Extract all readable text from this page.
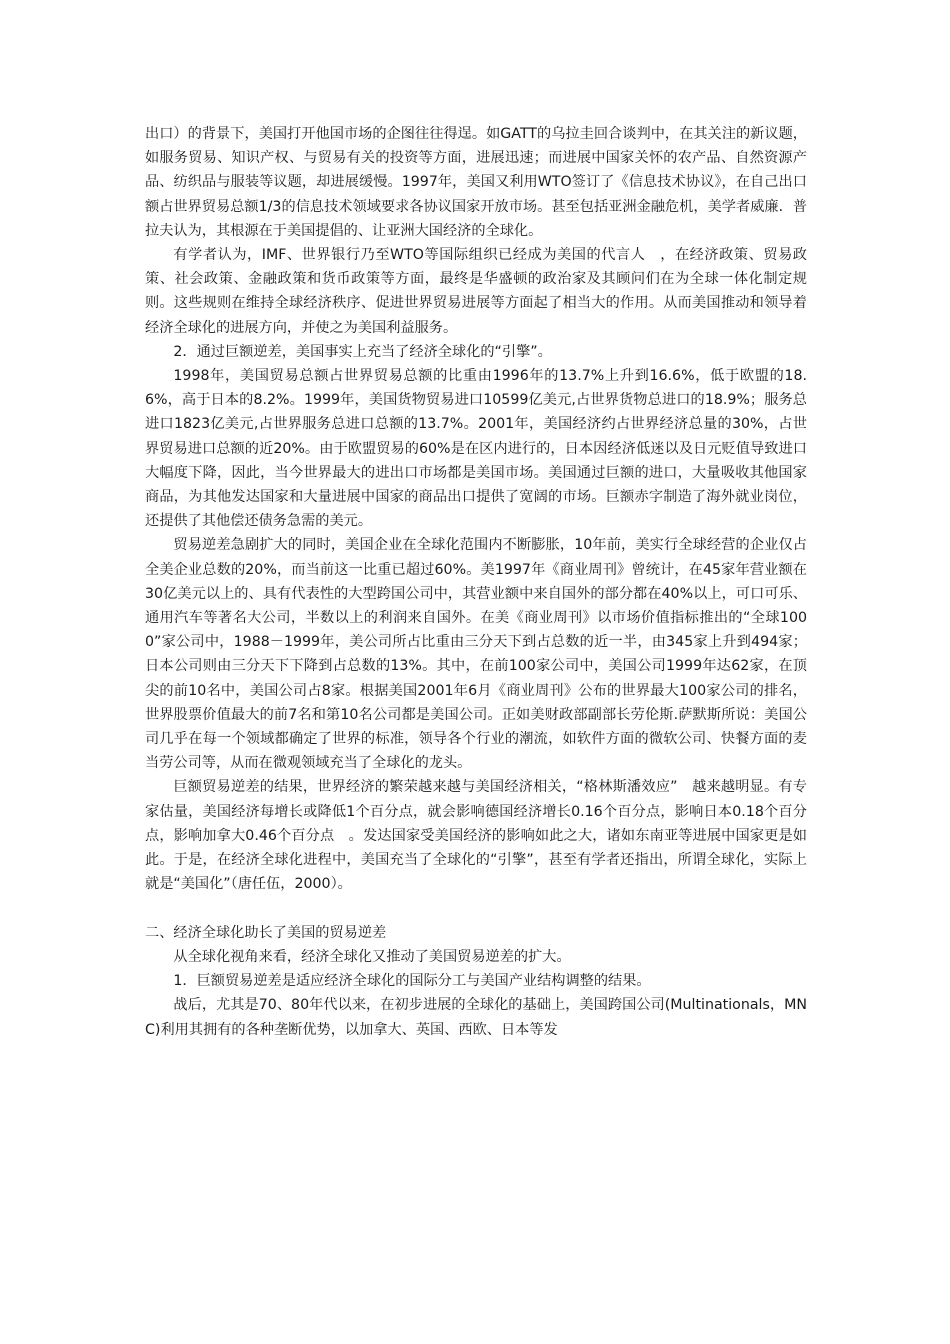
出口）的背景下，美国打开他国市场的企图往往得逞。如GATT的乌拉圭回合谈判中，在其关注的新议题，如服务贸易、知识产权、与贸易有关的投资等方面，进展迅速；而进展中国家关怀的农产品、自然资源产品、纺织品与服装等议题，却进展缓慢。1997年，美国又利用WTO签订了《信息技术协议》，在自己出口额占世界贸易总额1/3的信息技术领域要求各协议国家开放市场。甚至包括亚洲金融危机，美学者威廉．普拉夫认为，其根源在于美国提倡的、让亚洲大国经济的全球化。

有学者认为，IMF、世界银行乃至WTO等国际组织已经成为美国的代言人　，在经济政策、贸易政策、社会政策、金融政策和货币政策等方面，最终是华盛顿的政治家及其顾问们在为全球一体化制定规则。这些规则在维持全球经济秩序、促进世界贸易进展等方面起了相当大的作用。从而美国推动和领导着经济全球化的进展方向，并使之为美国利益服务。

2．通过巨额逆差，美国事实上充当了经济全球化的“引擎”。

1998年，美国贸易总额占世界贸易总额的比重由1996年的13.7%上升到16.6%，低于欧盟的18.6%，高于日本的8.2%。1999年，美国货物贸易进口10599亿美元,占世界货物总进口的18.9%；服务总进口1823亿美元,占世界服务总进口总额的13.7%。2001年，美国经济约占世界经济总量的30%，占世界贸易进口总额的近20%。由于欧盟贸易的60%是在区内进行的，日本因经济低迷以及日元贬值导致进口大幅度下降，因此，当今世界最大的进出口市场都是美国市场。美国通过巨额的进口，大量吸收其他国家商品，为其他发达国家和大量进展中国家的商品出口提供了宽阔的市场。巨额赤字制造了海外就业岗位，还提供了其他偿还债务急需的美元。

贸易逆差急剧扩大的同时，美国企业在全球化范围内不断膨胀，10年前，美实行全球经营的企业仅占全美企业总数的20%，而当前这一比重已超过60%。美1997年《商业周刊》曾统计，在45家年营业额在30亿美元以上的、具有代表性的大型跨国公司中，其营业额中来自国外的部分都在40%以上，可口可乐、通用汽车等著名大公司，半数以上的利润来自国外。在美《商业周刊》以市场价值指标推出的“全球1000”家公司中，1988－1999年，美公司所占比重由三分天下到占总数的近一半，由345家上升到494家；日本公司则由三分天下下降到占总数的13%。其中，在前100家公司中，美国公司1999年达62家，在顶尖的前10名中，美国公司占8家。根据美国2001年6月《商业周刊》公布的世界最大100家公司的排名，世界股票价值最大的前7名和第10名公司都是美国公司。正如美财政部副部长劳伦斯.萨默斯所说：美国公司几乎在每一个领域都确定了世界的标准，领导各个行业的潮流，如软件方面的微软公司、快餐方面的麦当劳公司等，从而在微观领域充当了全球化的龙头。

巨额贸易逆差的结果，世界经济的繁荣越来越与美国经济相关，“格林斯潘效应”　越来越明显。有专家估量，美国经济每增长或降低1个百分点，就会影响德国经济增长0.16个百分点，影响日本0.18个百分点，影响加拿大0.46个百分点　。发达国家受美国经济的影响如此之大，诸如东南亚等进展中国家更是如此。于是，在经济全球化进程中，美国充当了全球化的“引擎”，甚至有学者还指出，所谓全球化，实际上就是“美国化”（唐任伍，2000）。

二、经济全球化助长了美国的贸易逆差

从全球化视角来看，经济全球化又推动了美国贸易逆差的扩大。

1．巨额贸易逆差是适应经济全球化的国际分工与美国产业结构调整的结果。

战后，尤其是70、80年代以来，在初步进展的全球化的基础上，美国跨国公司(Multinationals，MNC)利用其拥有的各种垄断优势，以加拿大、英国、西欧、日本等发
